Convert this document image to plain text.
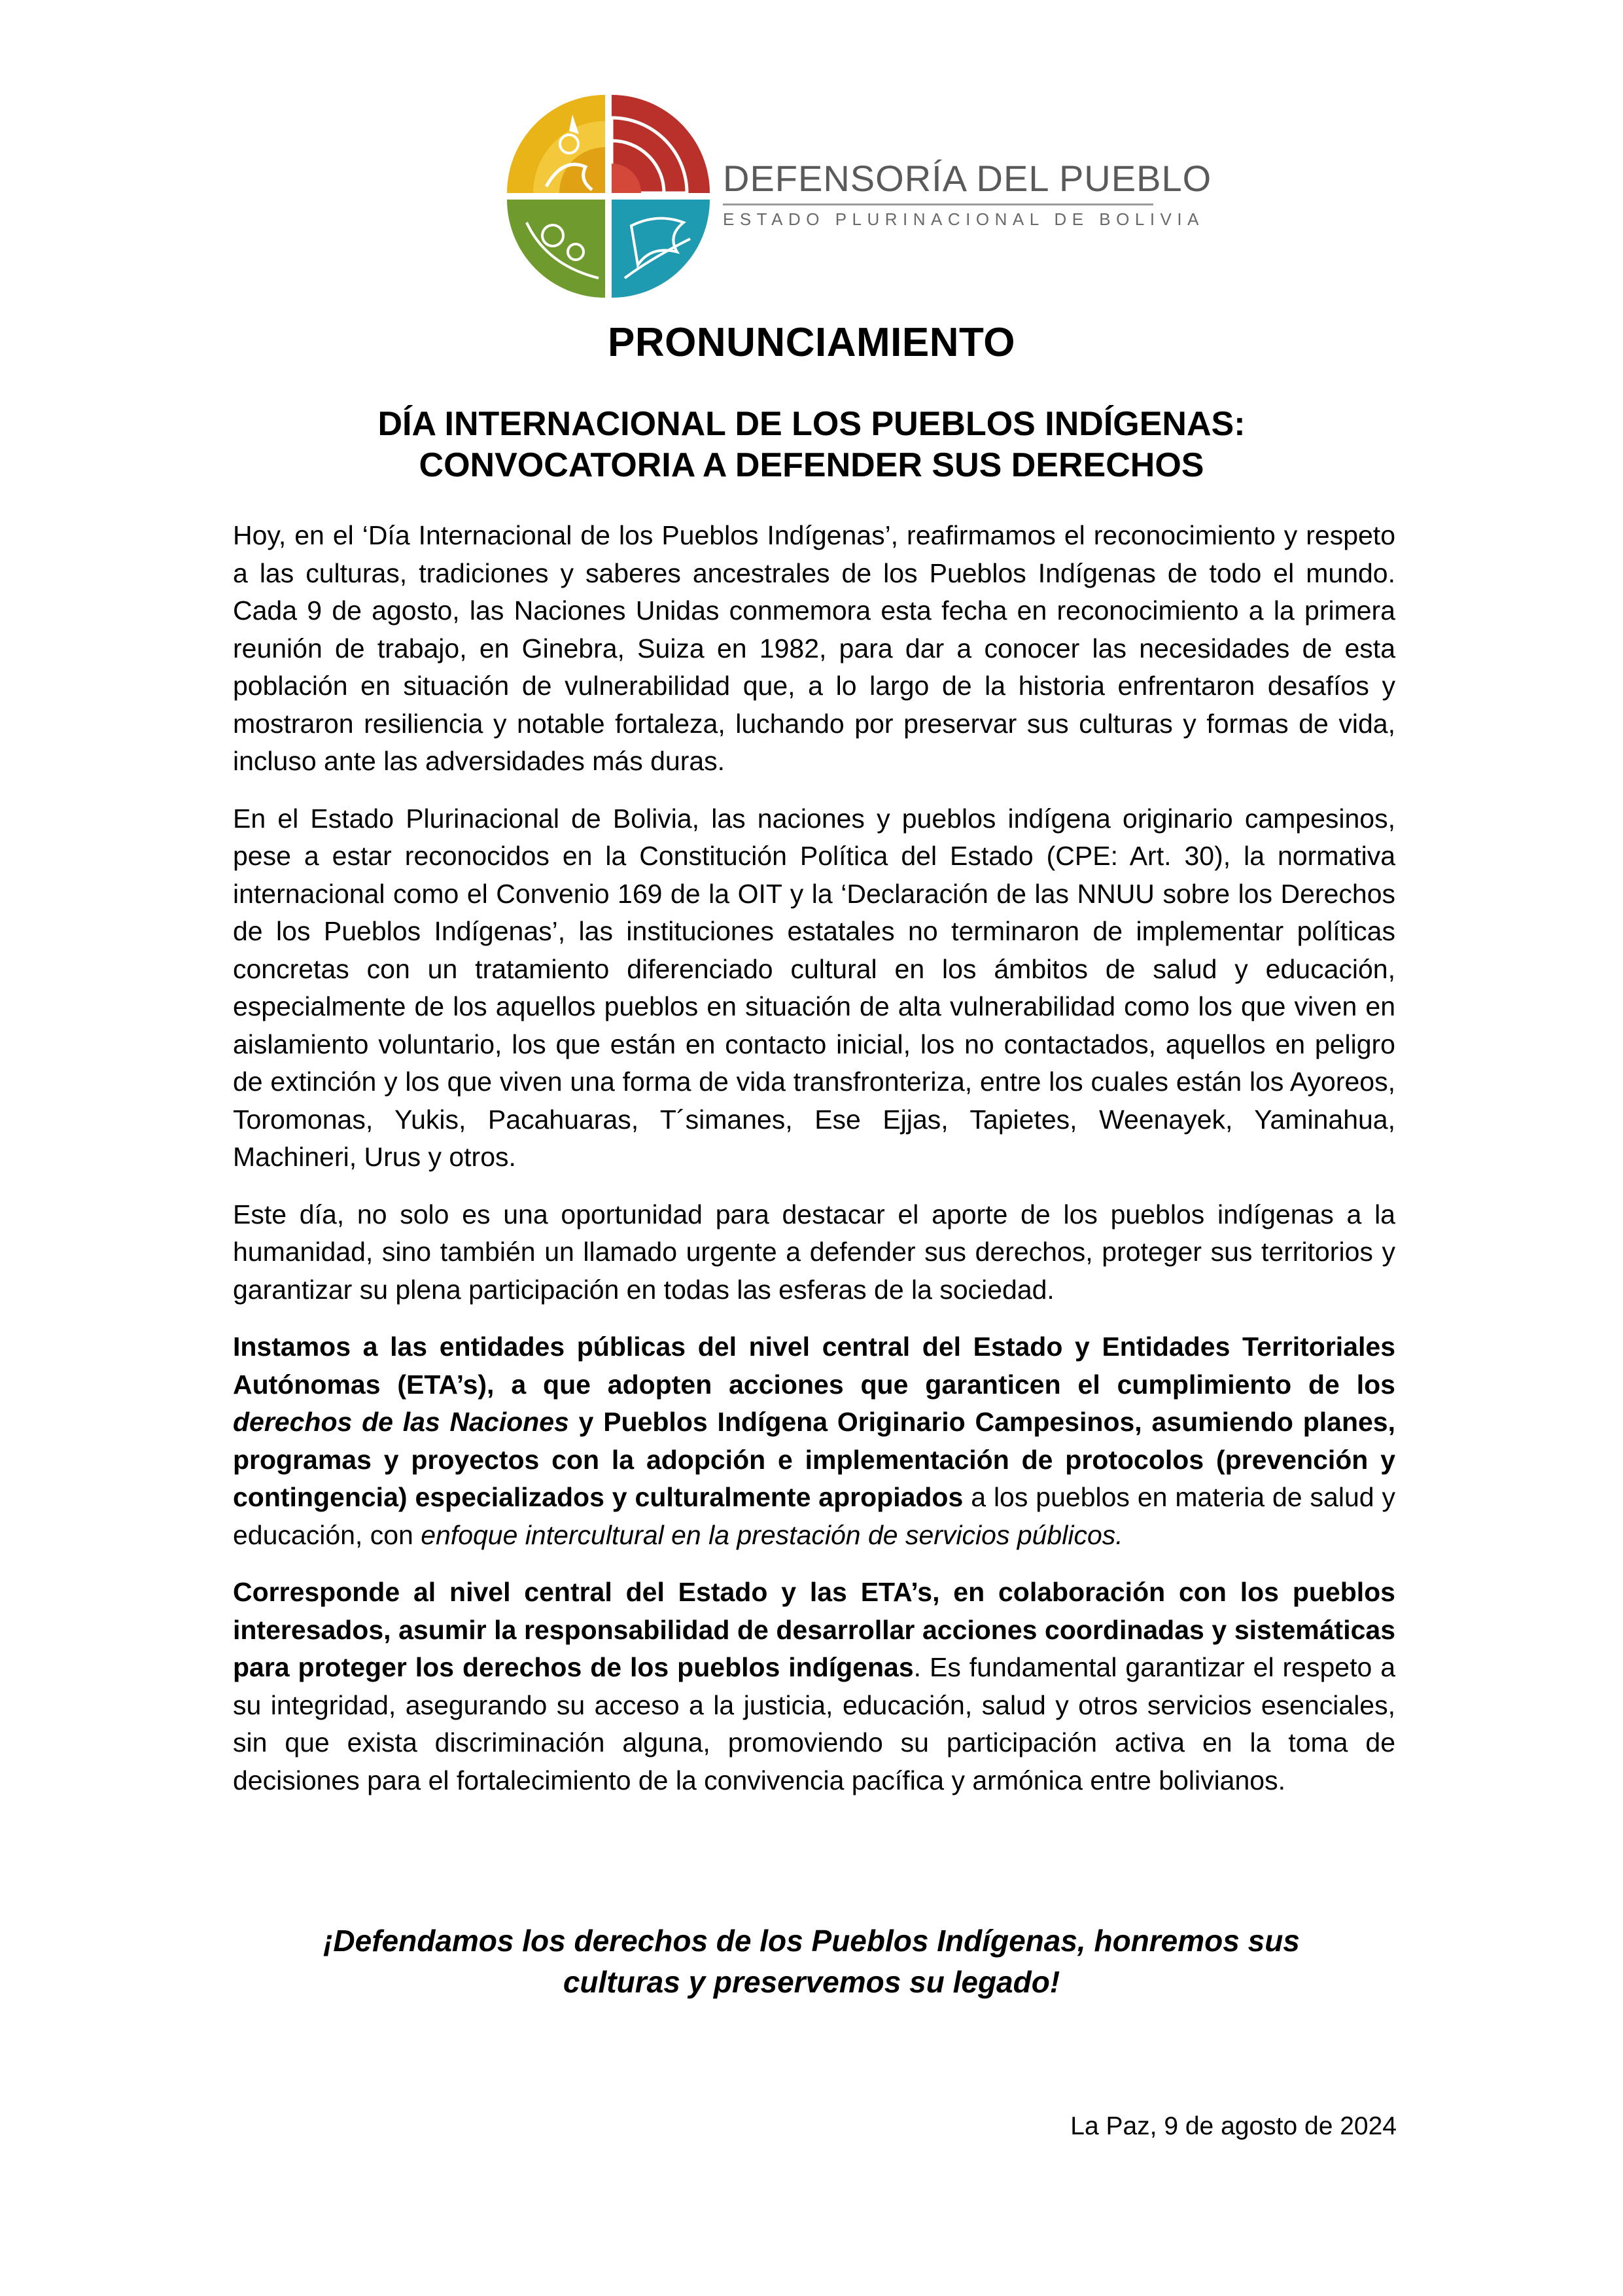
DEFENSORÍA DEL PUEBLO
ESTADO PLURINACIONAL DE BOLIVIA
PRONUNCIAMIENTO
DÍA INTERNACIONAL DE LOS PUEBLOS INDÍGENAS:
CONVOCATORIA A DEFENDER SUS DERECHOS

Hoy, en el ‘Día Internacional de los Pueblos Indígenas’, reafirmamos el reconocimiento y respeto a las culturas, tradiciones y saberes ancestrales de los Pueblos Indígenas de todo el mundo. Cada 9 de agosto, las Naciones Unidas conmemora esta fecha en reconocimiento a la primera reunión de trabajo, en Ginebra, Suiza en 1982, para dar a conocer las necesidades de esta población en situación de vulnerabilidad que, a lo largo de la historia enfrentaron desafíos y mostraron resiliencia y notable fortaleza, luchando por preservar sus culturas y formas de vida, incluso ante las adversidades más duras.

En el Estado Plurinacional de Bolivia, las naciones y pueblos indígena originario campesinos, pese a estar reconocidos en la Constitución Política del Estado (CPE: Art. 30), la normativa internacional como el Convenio 169 de la OIT y la ‘Declaración de las NNUU sobre los Derechos de los Pueblos Indígenas’, las instituciones estatales no terminaron de implementar políticas concretas con un tratamiento diferenciado cultural en los ámbitos de salud y educación, especialmente de los aquellos pueblos en situación de alta vulnerabilidad como los que viven en aislamiento voluntario, los que están en contacto inicial, los no contactados, aquellos en peligro de extinción y los que viven una forma de vida transfronteriza, entre los cuales están los Ayoreos, Toromonas, Yukis, Pacahuaras, T´simanes, Ese Ejjas, Tapietes, Weenayek, Yaminahua, Machineri, Urus y otros.

Este día, no solo es una oportunidad para destacar el aporte de los pueblos indígenas a la humanidad, sino también un llamado urgente a defender sus derechos, proteger sus territorios y garantizar su plena participación en todas las esferas de la sociedad.

Instamos a las entidades públicas del nivel central del Estado y Entidades Territoriales Autónomas (ETA’s), a que adopten acciones que garanticen el cumplimiento de los derechos de las Naciones y Pueblos Indígena Originario Campesinos, asumiendo planes, programas y proyectos con la adopción e implementación de protocolos (prevención y contingencia) especializados y culturalmente apropiados a los pueblos en materia de salud y educación, con enfoque intercultural en la prestación de servicios públicos.

Corresponde al nivel central del Estado y las ETA’s, en colaboración con los pueblos interesados, asumir la responsabilidad de desarrollar acciones coordinadas y sistemáticas para proteger los derechos de los pueblos indígenas. Es fundamental garantizar el respeto a su integridad, asegurando su acceso a la justicia, educación, salud y otros servicios esenciales, sin que exista discriminación alguna, promoviendo su participación activa en la toma de decisiones para el fortalecimiento de la convivencia pacífica y armónica entre bolivianos.

¡Defendamos los derechos de los Pueblos Indígenas, honremos sus
culturas y preservemos su legado!
La Paz, 9 de agosto de 2024
